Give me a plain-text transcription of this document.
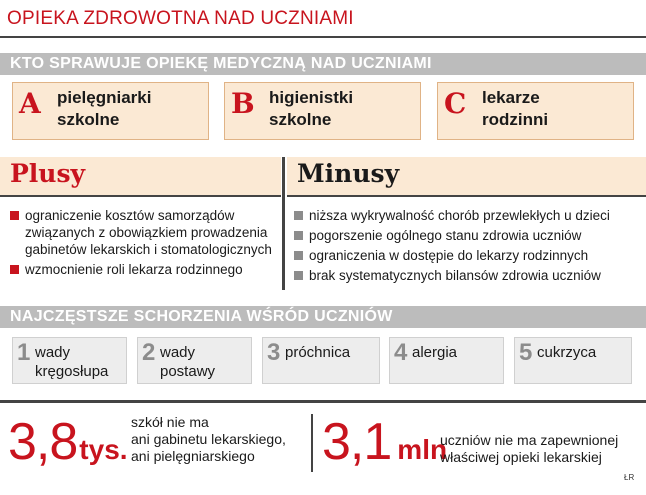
OPIEKA ZDROWOTNA NAD UCZNIAMI
KTO SPRAWUJE OPIEKĘ MEDYCZNĄ NAD UCZNIAMI
A pielęgniarki
szkolne	B higienistki
szkolne	C lekarze
rodzinni
Plusy	Minusy
ograniczenie kosztów samorządów
związanych z obowiązkiem prowadzenia
gabinetów lekarskich i stomatologicznych
wzmocnienie roli lekarza rodzinnego
niższa wykrywalność chorób przewlekłych u dzieci
pogorszenie ogólnego stanu zdrowia uczniów
ograniczenia w dostępie do lekarzy rodzinnych
brak systematycznych bilansów zdrowia uczniów
NAJCZĘSTSZE SCHORZENIA WŚRÓD UCZNIÓW
1 wady
kręgosłupa
2 wady
postawy
3 próchnica 4 alergia	5 cukrzyca
3,8tys.
szkół nie ma
ani gabinetu lekarskiego,
ani pielęgniarskiego	3,1 mln
uczniów nie ma zapewnionej
właściwej opieki lekarskiej
ŁR
